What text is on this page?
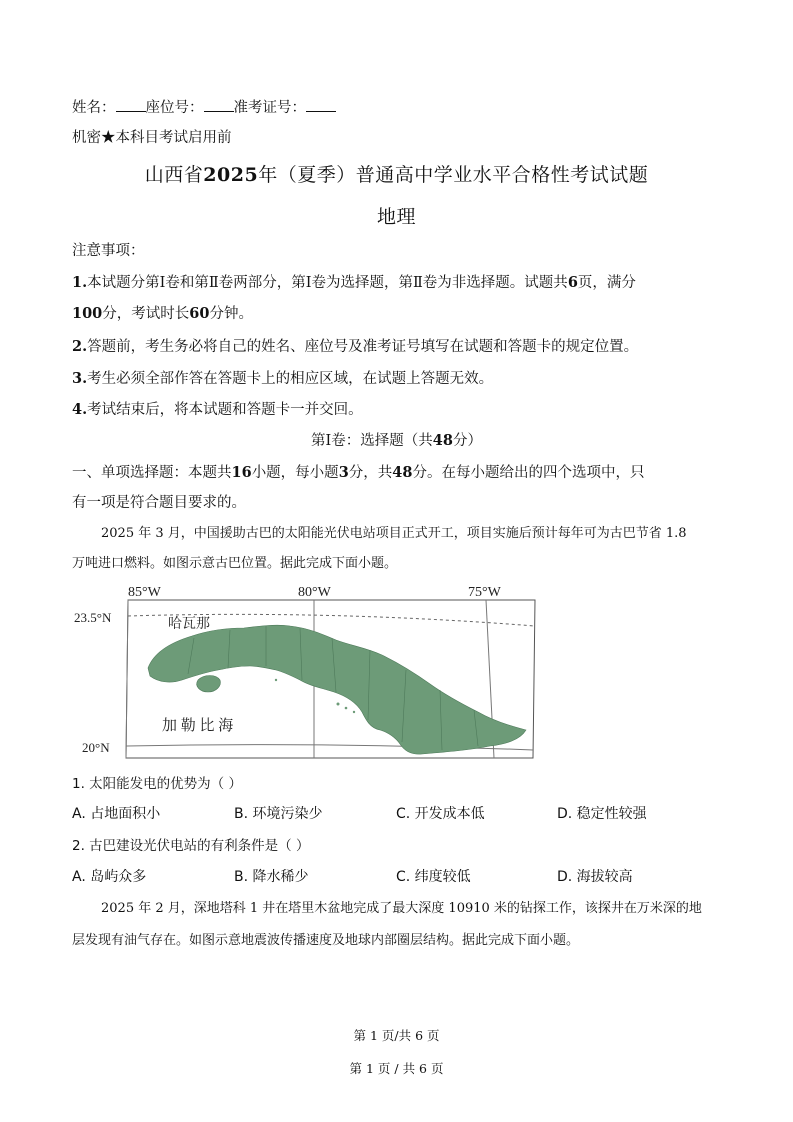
姓名： 座位号： 准考证号：
机密★本科目考试启用前
山西省2025年（夏季）普通高中学业水平合格性考试试题
地理
注意事项：
1.本试题分第Ⅰ卷和第Ⅱ卷两部分，第Ⅰ卷为选择题，第Ⅱ卷为非选择题。试题共6页，满分
100分，考试时长60分钟。
2.答题前，考生务必将自己的姓名、座位号及准考证号填写在试题和答题卡的规定位置。
3.考生必须全部作答在答题卡上的相应区域，在试题上答题无效。
4.考试结束后，将本试题和答题卡一并交回。
第Ⅰ卷：选择题（共48分）
一、单项选择题：本题共16小题，每小题3分，共48分。在每小题给出的四个选项中，只
有一项是符合题目要求的。
2025 年 3 月，中国援助古巴的太阳能光伏电站项目正式开工，项目实施后预计每年可为古巴节省 1.8
万吨进口燃料。如图示意古巴位置。据此完成下面小题。
85°W	80°W	75°W
23.5°N
20°N
哈瓦那
加 勒 比 海
1. 太阳能发电的优势为（ ）
A. 占地面积小	B. 环境污染少	C. 开发成本低	D. 稳定性较强
2. 古巴建设光伏电站的有利条件是（ ）
A. 岛屿众多	B. 降水稀少	C. 纬度较低	D. 海拔较高
2025 年 2 月，深地塔科 1 井在塔里木盆地完成了最大深度 10910 米的钻探工作，该探井在万米深的地
层发现有油气存在。如图示意地震波传播速度及地球内部圈层结构。据此完成下面小题。
第 1 页/共 6 页
第 1 页 / 共 6 页
